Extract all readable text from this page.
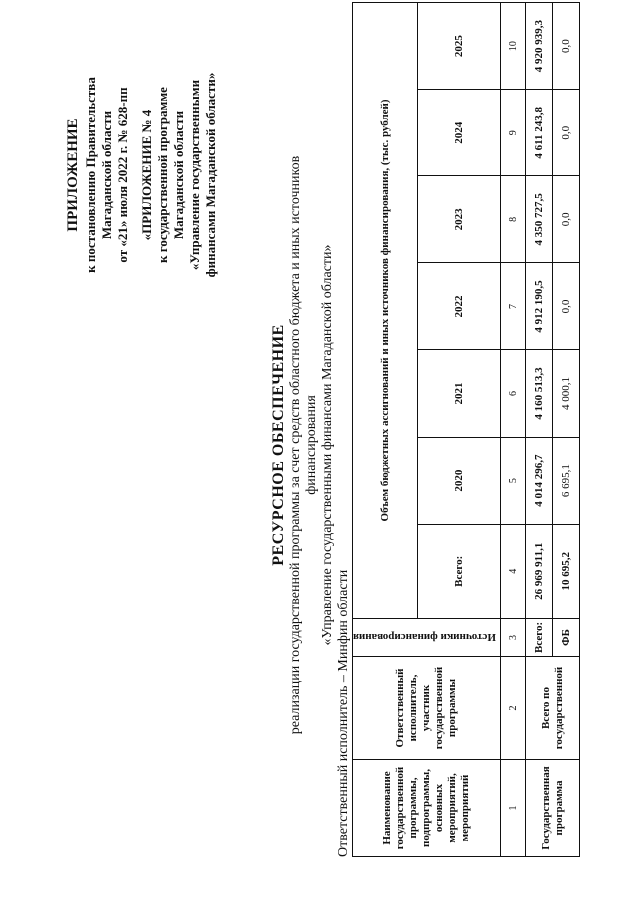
ПРИЛОЖЕНИЕ к постановлению Правительства Магаданской области от «21» июля 2022 г. № 628-пп «ПРИЛОЖЕНИЕ № 4 к государственной программе Магаданской области «Управление государственными финансами Магаданской области»
РЕСУРСНОЕ ОБЕСПЕЧЕНИЕ реализации государственной программы за счет средств областного бюджета и иных источников финансирования «Управление государственными финансами Магаданской области»
Ответственный исполнитель – Минфин области	Наименование государственной программы, подпрограммы, основных мероприятий, мероприятий	Ответственный исполнитель, участник государственной программы	Источники финансирования	Объем бюджетных ассигнований и иных источников финансирования, (тыс. рублей)						
			Всего:	2020	2021	2022	2023	2024	2025
1	2	3	4	5	6	7	8	9	10
Государственная программа	Всего по государственной	Всего:	26 969 911,1	4 014 296,7	4 160 513,3	4 912 190,5	4 350 727,5	4 611 243,8	4 920 939,3
		ФБ	10 695,2	6 695,1	4 000,1	0,0	0,0	0,0	0,0
